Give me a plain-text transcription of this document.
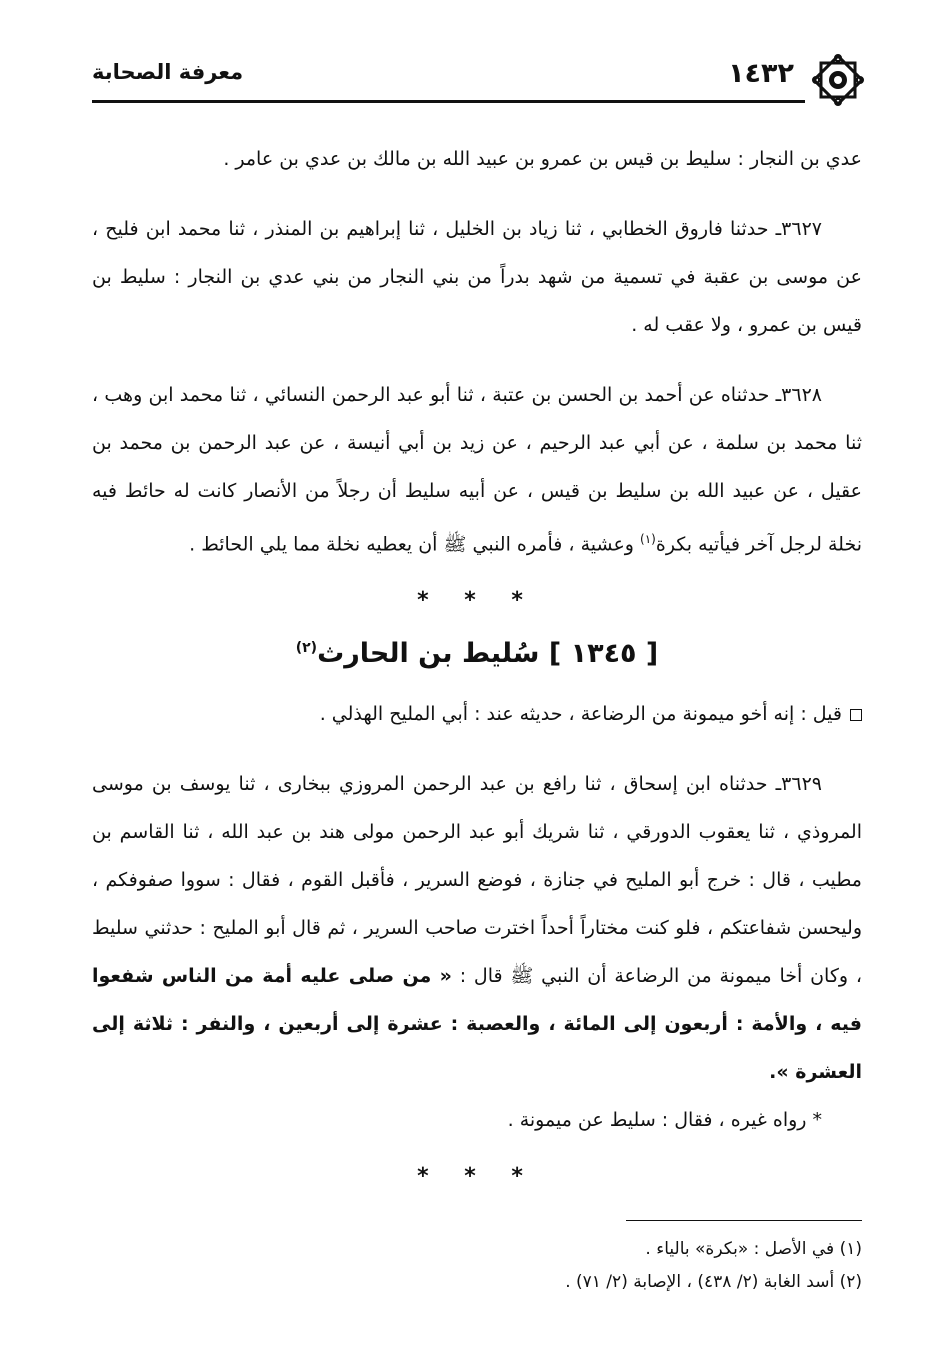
معرفة الصحابة	١٤٣٢

عدي بن النجار : سليط بن قيس بن عمرو بن عبيد الله بن مالك بن عدي بن عامر .

٣٦٢٧ـ حدثنا فاروق الخطابي ، ثنا زياد بن الخليل ، ثنا إبراهيم بن المنذر ، ثنا محمد ابن فليح ، عن موسى بن عقبة في تسمية من شهد بدراً من بني النجار من بني عدي بن النجار : سليط بن قيس بن عمرو ، ولا عقب له .

٣٦٢٨ـ حدثناه عن أحمد بن الحسن بن عتبة ، ثنا أبو عبد الرحمن النسائي ، ثنا محمد ابن وهب ، ثنا محمد بن سلمة ، عن أبي عبد الرحيم ، عن زيد بن أبي أنيسة ، عن عبد الرحمن بن محمد بن عقيل ، عن عبيد الله بن سليط بن قيس ، عن أبيه سليط أن رجلاً من الأنصار كانت له حائط فيه نخلة لرجل آخر فيأتيه بكرة$^{(١)}$ وعشية ، فأمره النبي ﷺ أن يعطيه نخلة مما يلي الحائط .

* * *
[ ١٣٤٥ ] سُليط بن الحارث$^{(٢)}$

قيل : إنه أخو ميمونة من الرضاعة ، حديثه عند : أبي المليح الهذلي .

٣٦٢٩ـ حدثناه ابن إسحاق ، ثنا رافع بن عبد الرحمن المروزي ببخارى ، ثنا يوسف بن موسى المروذي ، ثنا يعقوب الدورقي ، ثنا شريك أبو عبد الرحمن مولى هند بن عبد الله ، ثنا القاسم بن مطيب ، قال : خرج أبو المليح في جنازة ، فوضع السرير ، فأقبل القوم ، فقال : سووا صفوفكم ، وليحسن شفاعتكم ، فلو كنت مختاراً أحداً اخترت صاحب السرير ، ثم قال أبو المليح : حدثني سليط ، وكان أخا ميمونة من الرضاعة أن النبي ﷺ قال : « من صلى عليه أمة من الناس شفعوا فيه ، والأمة : أربعون إلى المائة ، والعصبة : عشرة إلى أربعين ، والنفر : ثلاثة إلى العشرة ».

* رواه غيره ، فقال : سليط عن ميمونة .

* * *

(١) في الأصل : «بكرة» بالياء .

(٢) أسد الغابة (٢/ ٤٣٨) ، الإصابة (٢/ ٧١) .
